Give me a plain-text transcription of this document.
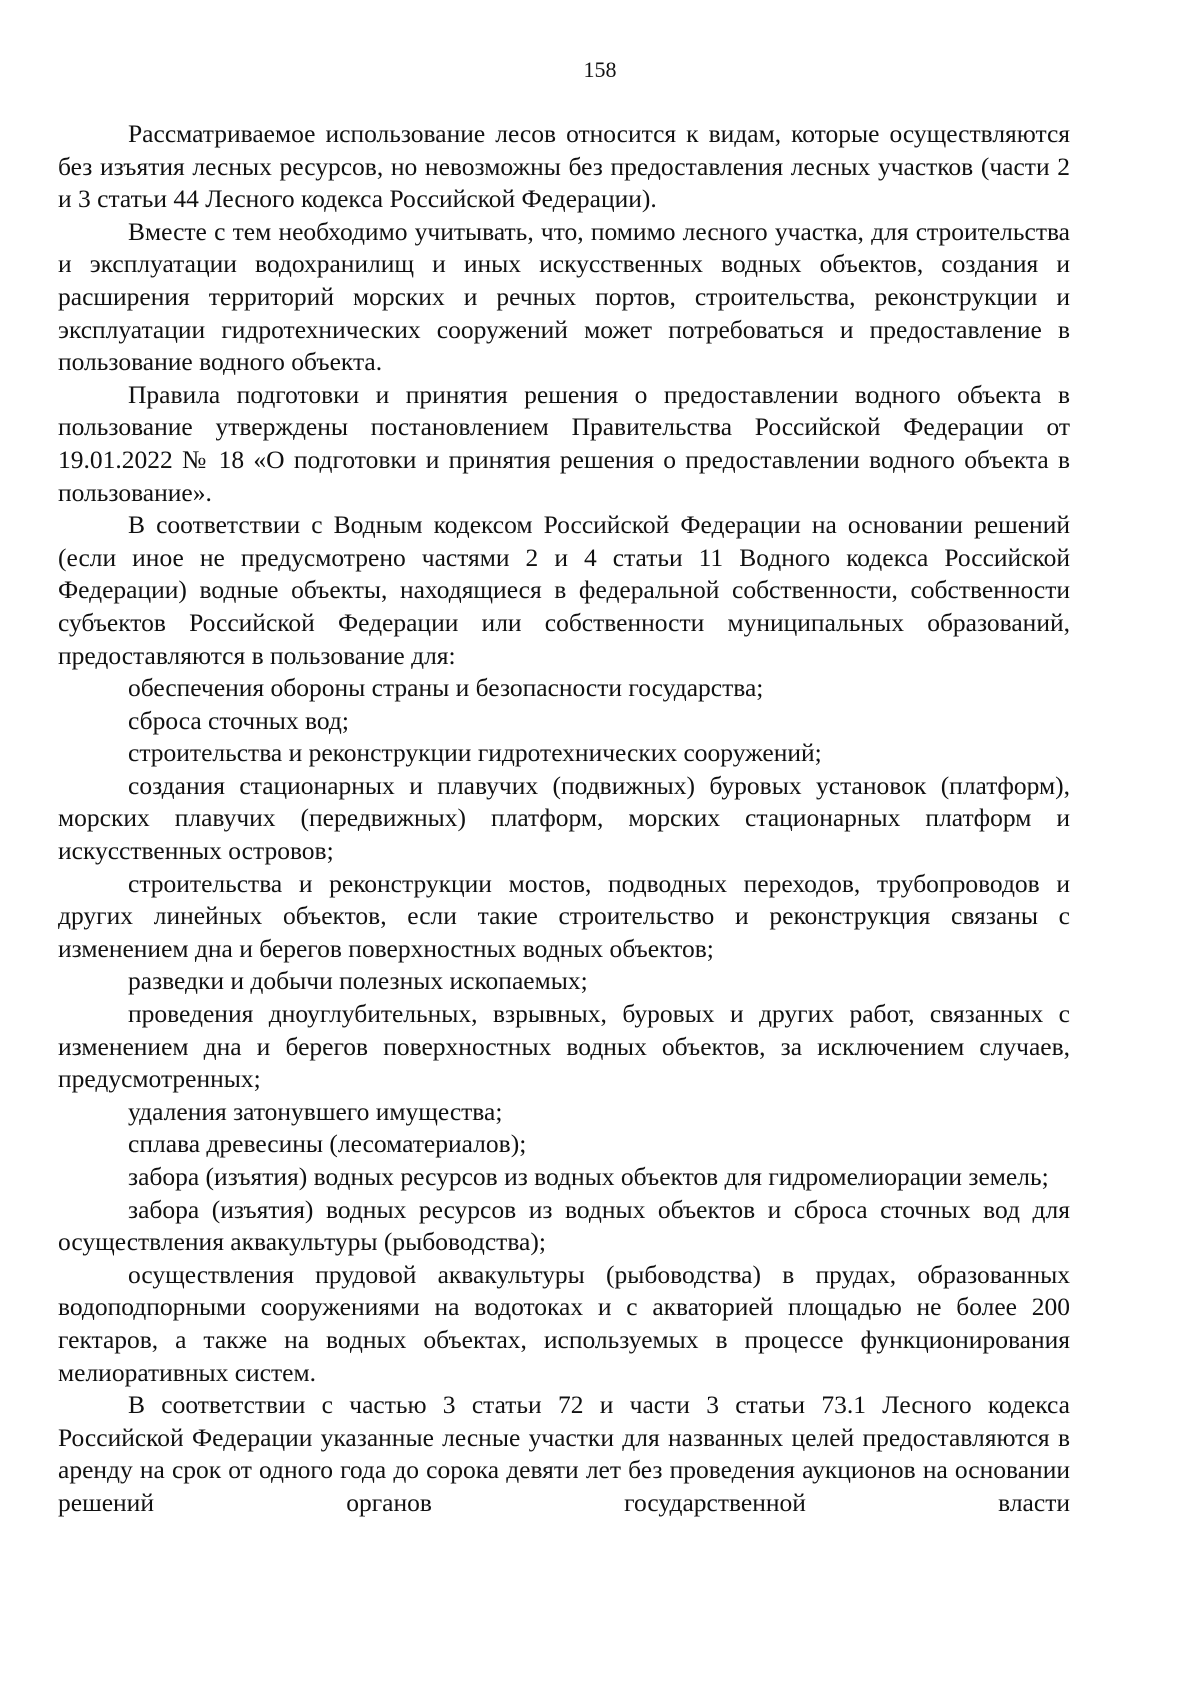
158

Рассматриваемое использование лесов относится к видам, которые осуществляются без изъятия лесных ресурсов, но невозможны без предоставления лесных участков (части 2 и 3 статьи 44 Лесного кодекса Российской Федерации).

Вместе с тем необходимо учитывать, что, помимо лесного участка, для строительства и эксплуатации водохранилищ и иных искусственных водных объектов, создания и расширения территорий морских и речных портов, строительства, реконструкции и эксплуатации гидротехнических сооружений может потребоваться и предоставление в пользование водного объекта.

Правила подготовки и принятия решения о предоставлении водного объекта в пользование утверждены постановлением Правительства Российской Федерации от 19.01.2022 № 18 «О подготовки и принятия решения о предоставлении водного объекта в пользование».

В соответствии с Водным кодексом Российской Федерации на основании решений (если иное не предусмотрено частями 2 и 4 статьи 11 Водного кодекса Российской Федерации) водные объекты, находящиеся в федеральной собственности, собственности субъектов Российской Федерации или собственности муниципальных образований, предоставляются в пользование для:

обеспечения обороны страны и безопасности государства;

сброса сточных вод;

строительства и реконструкции гидротехнических сооружений;

создания стационарных и плавучих (подвижных) буровых установок (платформ), морских плавучих (передвижных) платформ, морских стационарных платформ и искусственных островов;

строительства и реконструкции мостов, подводных переходов, трубопроводов и других линейных объектов, если такие строительство и реконструкция связаны с изменением дна и берегов поверхностных водных объектов;

разведки и добычи полезных ископаемых;

проведения дноуглубительных, взрывных, буровых и других работ, связанных с изменением дна и берегов поверхностных водных объектов, за исключением случаев, предусмотренных;

удаления затонувшего имущества;

сплава древесины (лесоматериалов);

забора (изъятия) водных ресурсов из водных объектов для гидромелиорации земель;

забора (изъятия) водных ресурсов из водных объектов и сброса сточных вод для осуществления аквакультуры (рыбоводства);

осуществления прудовой аквакультуры (рыбоводства) в прудах, образованных водоподпорными сооружениями на водотоках и с акваторией площадью не более 200 гектаров, а также на водных объектах, используемых в процессе функционирования мелиоративных систем.

В соответствии с частью 3 статьи 72 и части 3 статьи 73.1 Лесного кодекса Российской Федерации указанные лесные участки для названных целей предоставляются в аренду на срок от одного года до сорока девяти лет без проведения аукционов на основании решений органов государственной власти
